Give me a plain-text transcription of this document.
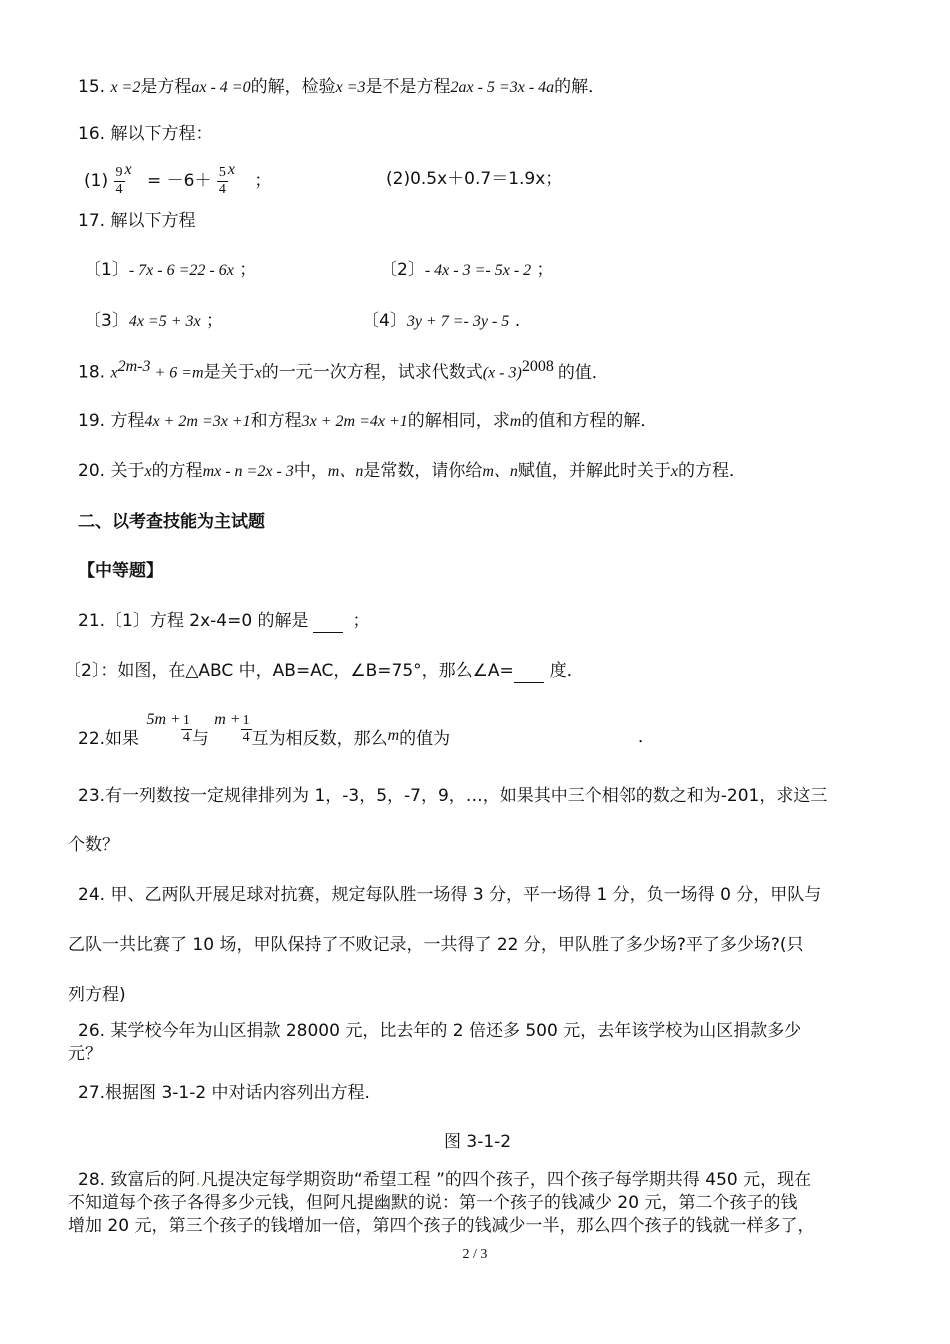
15. x =2是方程ax - 4 =0的解，检验x =3是不是方程2ax - 5 =3x - 4a的解．
16. 解以下方程：
$(1) \frac{9}{4}$ $x = -6+ \frac{5}{4}$ x ；	(2)0.5x＋0.7＝1.9x；
17. 解以下方程
〔1〕- 7x - 6 =22 - 6x ；	〔2〕- 4x - 3 =- 5x - 2 ；
〔3〕4x =5 + 3x ；	〔4〕3y + 7 =- 3y - 5 .
18. $x^{2m-3} + 6 =m$是关于x的一元一次方程，试求代数式(x - 3)$^{2008}$ 的值．
19. 方程4x + 2m =3x +1和方程3x + 2m =4x +1的解相同，求m的值和方程的解．
20. 关于x的方程mx - n =2x - 3中，m、n是常数，请你给m、n赋值，并解此时关于x的方程．
二、以考查技能为主试题
【中等题】
21.〔1〕方程 2x-4=0 的解是	；
〔2〕：如图，在△ABC 中，AB=AC，∠B=75°，那么∠A= 度．
22.如果 $5m + \frac{1}{4}$ 与 $m + \frac{1}{4}$ 互为相反数，那么m的值为	．
23.有一列数按一定规律排列为 1，-3，5，-7，9，…，如果其中三个相邻的数之和为-201，求这三
个数？
24. 甲、乙两队开展足球对抗赛，规定每队胜一场得 3 分，平一场得 1 分，负一场得 0 分，甲队与
乙队一共比赛了 10 场，甲队保持了不败记录，一共得了 22 分，甲队胜了多少场?平了多少场?(只
列方程)
26. 某学校今年为山区捐款 28000 元，比去年的 2 倍还多 500 元，去年该学校为山区捐款多少
元？
27.根据图 3-1-2 中对话内容列出方程.
图 3-1-2
28. 致富后的阿.凡提决定每学期资助“希望工程 ”的四个孩子，四个孩子每学期共得 450 元，现在
不知道每个孩子各得多少元钱，但阿凡提幽默的说：第一个孩子的钱减少 20 元，第二个孩子的钱
增加 20 元，第三个孩子的钱增加一倍，第四个孩子的钱减少一半，那么四个孩子的钱就一样多了，
2 / 3
